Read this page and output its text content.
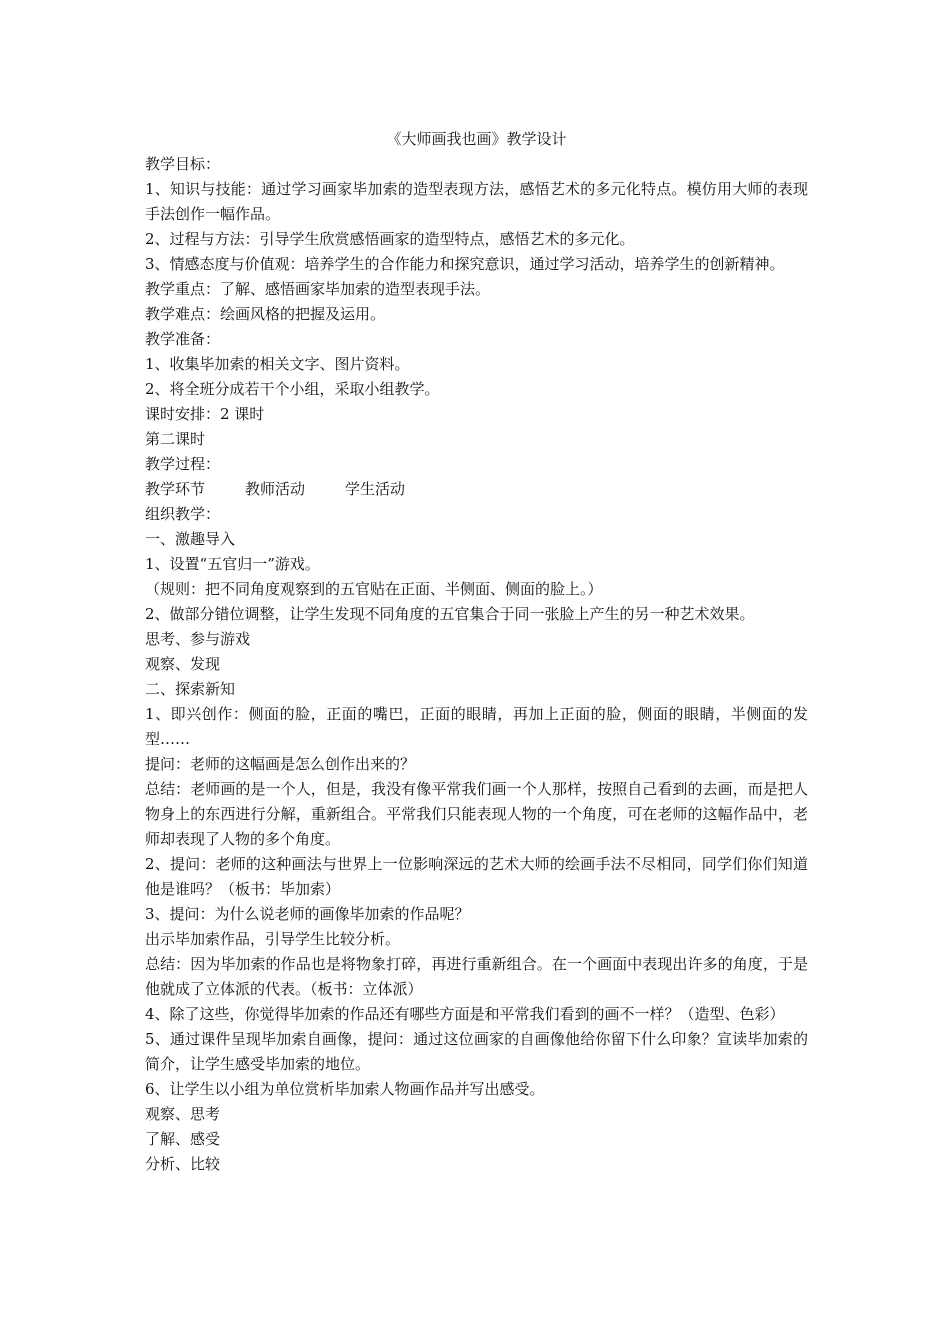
《大师画我也画》教学设计

教学目标：

1、知识与技能：通过学习画家毕加索的造型表现方法，感悟艺术的多元化特点。模仿用大师的表现手法创作一幅作品。

2、过程与方法：引导学生欣赏感悟画家的造型特点，感悟艺术的多元化。

3、情感态度与价值观：培养学生的合作能力和探究意识，通过学习活动，培养学生的创新精神。

教学重点：了解、感悟画家毕加索的造型表现手法。

教学难点：绘画风格的把握及运用。

教学准备：

1、收集毕加索的相关文字、图片资料。

2、将全班分成若干个小组，采取小组教学。

课时安排：2 课时

第二课时

教学过程：

教学环节	教师活动	学生活动

组织教学：

一、激趣导入

1、设置“五官归一”游戏。

（规则：把不同角度观察到的五官贴在正面、半侧面、侧面的脸上。）

2、做部分错位调整，让学生发现不同角度的五官集合于同一张脸上产生的另一种艺术效果。

思考、参与游戏

观察、发现

二、探索新知

1、即兴创作：侧面的脸，正面的嘴巴，正面的眼睛，再加上正面的脸，侧面的眼睛，半侧面的发型……

提问：老师的这幅画是怎么创作出来的？

总结：老师画的是一个人，但是，我没有像平常我们画一个人那样，按照自己看到的去画，而是把人物身上的东西进行分解，重新组合。平常我们只能表现人物的一个角度，可在老师的这幅作品中，老师却表现了人物的多个角度。

2、提问：老师的这种画法与世界上一位影响深远的艺术大师的绘画手法不尽相同，同学们你们知道他是谁吗？（板书：毕加索）

3、提问：为什么说老师的画像毕加索的作品呢？

出示毕加索作品，引导学生比较分析。

总结：因为毕加索的作品也是将物象打碎，再进行重新组合。在一个画面中表现出许多的角度，于是他就成了立体派的代表。（板书：立体派）

4、除了这些，你觉得毕加索的作品还有哪些方面是和平常我们看到的画不一样？（造型、色彩）

5、通过课件呈现毕加索自画像，提问：通过这位画家的自画像他给你留下什么印象？宣读毕加索的简介，让学生感受毕加索的地位。

6、让学生以小组为单位赏析毕加索人物画作品并写出感受。

观察、思考

了解、感受

分析、比较
